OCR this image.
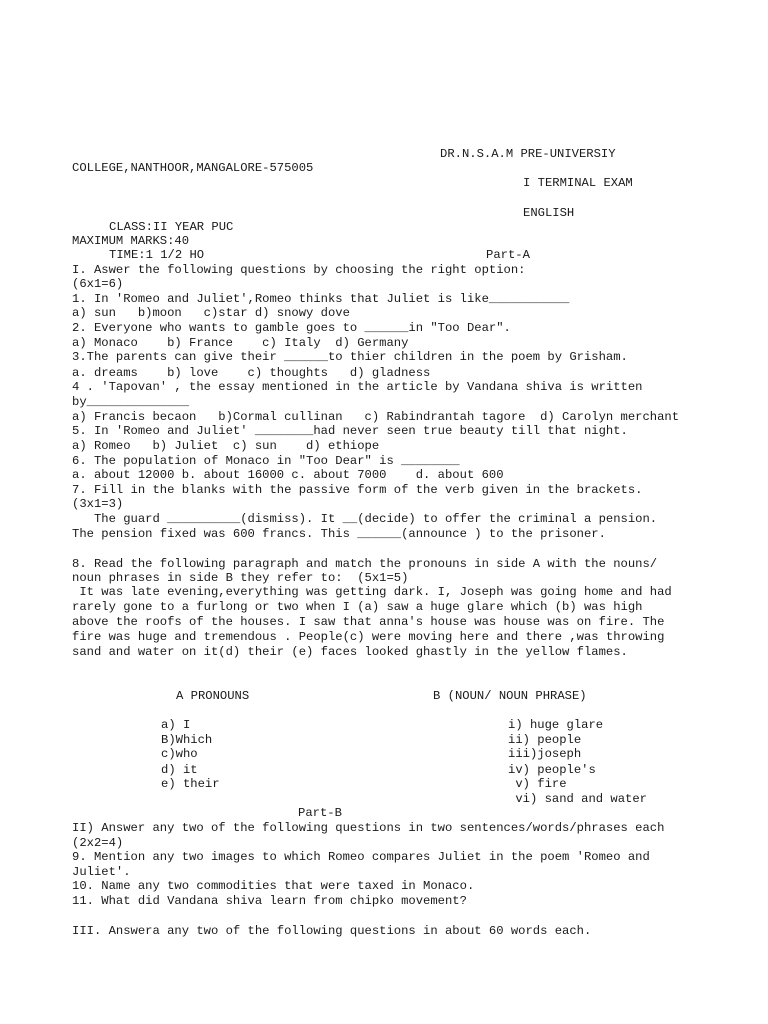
DR.N.S.A.M PRE-UNIVERSIY

COLLEGE,NANTHOOR,MANGALORE-575005

I TERMINAL EXAM

ENGLISH

CLASS:II YEAR PUC

MAXIMUM MARKS:40

TIME:1 1/2 HO	Part-A

I. Aswer the following questions by choosing the right option:

(6x1=6)

1. In 'Romeo and Juliet',Romeo thinks that Juliet is like___________

a) sun   b)moon   c)star d) snowy dove

2. Everyone who wants to gamble goes to ______in "Too Dear".

a) Monaco    b) France    c) Italy  d) Germany

3.The parents can give their ______to thier children in the poem by Grisham.

a. dreams    b) love    c) thoughts   d) gladness

4 . 'Tapovan' , the essay mentioned in the article by Vandana shiva is written

by______________

a) Francis becaon   b)Cormal cullinan   c) Rabindrantah tagore  d) Carolyn merchant

5. In 'Romeo and Juliet' ________had never seen true beauty till that night.

a) Romeo   b) Juliet  c) sun    d) ethiope

6. The population of Monaco in "Too Dear" is ________

a. about 12000 b. about 16000 c. about 7000    d. about 600

7. Fill in the blanks with the passive form of the verb given in the brackets.

(3x1=3)

The guard __________(dismiss). It __(decide) to offer the criminal a pension.

The pension fixed was 600 francs. This ______(announce ) to the prisoner.

8. Read the following paragraph and match the pronouns in side A with the nouns/

noun phrases in side B they refer to:  (5x1=5)

It was late evening,everything was getting dark. I, Joseph was going home and had

rarely gone to a furlong or two when I (a) saw a huge glare which (b) was high

above the roofs of the houses. I saw that anna's house was house was on fire. The

fire was huge and tremendous . People(c) were moving here and there ,was throwing

sand and water on it(d) their (e) faces looked ghastly in the yellow flames.

A PRONOUNS	B (NOUN/ NOUN PHRASE)

a) I

B)Which

c)who

d) it

e) their

i) huge glare

ii) people

iii)joseph

iv) people's

v) fire

vi) sand and water

Part-B

II) Answer any two of the following questions in two sentences/words/phrases each

(2x2=4)

9. Mention any two images to which Romeo compares Juliet in the poem 'Romeo and

Juliet'.

10. Name any two commodities that were taxed in Monaco.

11. What did Vandana shiva learn from chipko movement?

III. Answera any two of the following questions in about 60 words each.
